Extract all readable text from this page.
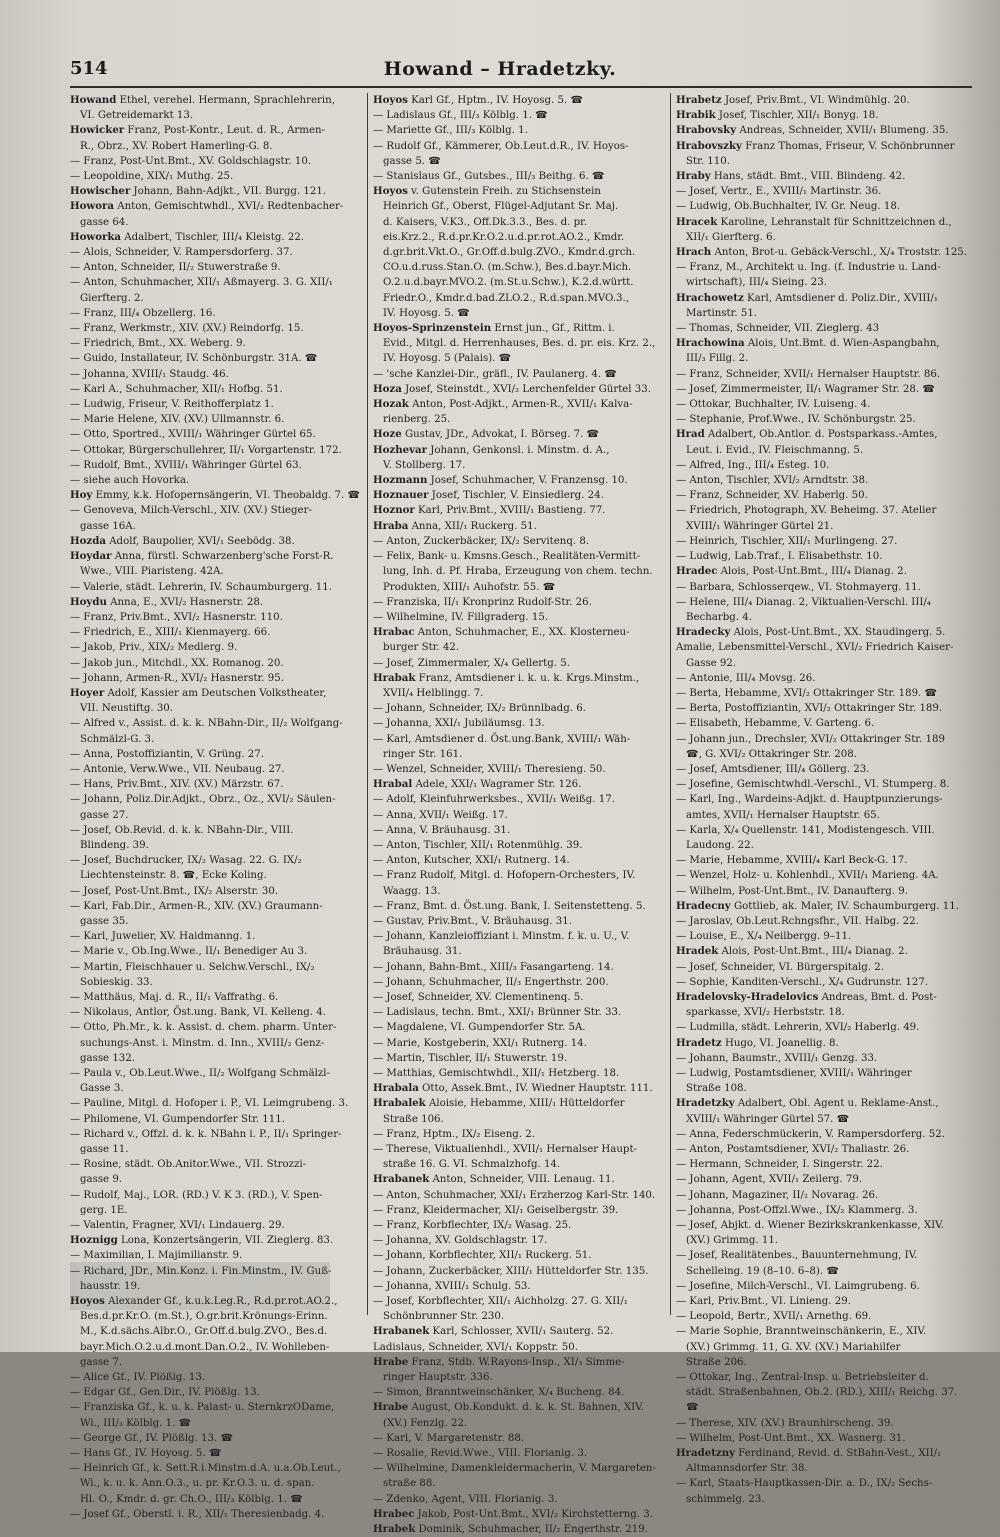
514	Howand – Hradetzky.
Howand Ethel, verehel. Hermann, Sprachlehrerin,
VI. Getreidemarkt 13.
Howicker Franz, Post-Kontr., Leut. d. R., Armen-
R., Obrz., XV. Robert Hamerling-G. 8.
— Franz, Post-Unt.Bmt., XV. Goldschlagstr. 10.
— Leopoldine, XIX/₁ Muthg. 25.
Howischer Johann, Bahn-Adjkt., VII. Burgg. 121.
Howora Anton, Gemischtwhdl., XVI/₂ Redtenbacher-
gasse 64.
Howorka Adalbert, Tischler, III/₄ Kleistg. 22.
— Alois, Schneider, V. Rampersdorferg. 37.
— Anton, Schneider, II/₂ Stuwerstraße 9.
— Anton, Schuhmacher, XII/₁ Aßmayerg. 3. G. XII/₁
Gierfterg. 2.
— Franz, III/₄ Obzellerg. 16.
— Franz, Werkmstr., XIV. (XV.) Reindorfg. 15.
— Friedrich, Bmt., XX. Weberg. 9.
— Guido, Installateur, IV. Schönburgstr. 31A. ☎
— Johanna, XVIII/₁ Staudg. 46.
— Karl A., Schuhmacher, XII/₁ Hofbg. 51.
— Ludwig, Friseur, V. Reithofferplatz 1.
— Marie Helene, XIV. (XV.) Ullmannstr. 6.
— Otto, Sportred., XVIII/₁ Währinger Gürtel 65.
— Ottokar, Bürgerschullehrer, II/₁ Vorgartenstr. 172.
— Rudolf, Bmt., XVIII/₁ Währinger Gürtel 63.
— siehe auch Hovorka.
Hoy Emmy, k.k. Hofopernsängerin, VI. Theobaldg. 7. ☎
— Genoveva, Milch-Verschl., XIV. (XV.) Stieger-
gasse 16A.
Hozda Adolf, Baupolier, XVI/₁ Seebödg. 38.
Hoydar Anna, fürstl. Schwarzenberg'sche Forst-R.
Wwe., VIII. Piaristeng. 42A.
— Valerie, städt. Lehrerin, IV. Schaumburgerg. 11.
Hoydu Anna, E., XVI/₂ Hasnerstr. 28.
— Franz, Priv.Bmt., XVI/₂ Hasnerstr. 110.
— Friedrich, E., XIII/₁ Kienmayerg. 66.
— Jakob, Priv., XIX/₂ Medlerg. 9.
— Jakob jun., Mitchdl., XX. Romanog. 20.
— Johann, Armen-R., XVI/₂ Hasnerstr. 95.
Hoyer Adolf, Kassier am Deutschen Volkstheater,
VII. Neustiftg. 30.
— Alfred v., Assist. d. k. k. NBahn-Dir., II/₂ Wolfgang-
Schmälzl-G. 3.
— Anna, Postoffiziantin, V. Grüng. 27.
— Antonie, Verw.Wwe., VII. Neubaug. 27.
— Hans, Priv.Bmt., XIV. (XV.) Märzstr. 67.
— Johann, Poliz.Dir.Adjkt., Obrz., Oz., XVI/₂ Säulen-
gasse 27.
— Josef, Ob.Revid. d. k. k. NBahn-Dir., VIII.
Blindeng. 39.
— Josef, Buchdrucker, IX/₂ Wasag. 22. G. IX/₂
Liechtensteinstr. 8. ☎, Ecke Koling.
— Josef, Post-Unt.Bmt., IX/₂ Alserstr. 30.
— Karl, Fab.Dir., Armen-R., XIV. (XV.) Graumann-
gasse 35.
— Karl, Juwelier, XV. Haidmanng. 1.
— Marie v., Ob.Ing.Wwe., II/₁ Benediger Au 3.
— Martin, Fleischhauer u. Selchw.Verschl., IX/₂
Sobieskig. 33.
— Matthäus, Maj. d. R., II/₁ Vaffrathg. 6.
— Nikolaus, Antlor, Öst.ung. Bank, VI. Kelleng. 4.
— Otto, Ph.Mr., k. k. Assist. d. chem. pharm. Unter-
suchungs-Anst. i. Minstm. d. Inn., XVIII/₂ Genz-
gasse 132.
— Paula v., Ob.Leut.Wwe., II/₂ Wolfgang Schmälzl-
Gasse 3.
— Pauline, Mitgl. d. Hofoper i. P., VI. Leimgrubeng. 3.
— Philomene, VI. Gumpendorfer Str. 111.
— Richard v., Offzl. d. k. k. NBahn i. P., II/₁ Springer-
gasse 11.
— Rosine, städt. Ob.Anitor.Wwe., VII. Strozzi-
gasse 9.
— Rudolf, Maj., LOR. (RD.) V. K 3. (RD.), V. Spen-
gerg. 1E.
— Valentin, Fragner, XVI/₁ Lindauerg. 29.
Hoznigg Lona, Konzertsängerin, VII. Zieglerg. 83.
— Maximilian, I. Majimilianstr. 9.
— Richard, JDr., Min.Konz. i. Fin.Minstm., IV. Guß-
hausstr. 19.
Hoyos Alexander Gf., k.u.k.Leg.R., R.d.pr.rot.AO.2.,
Bes.d.pr.Kr.O. (m.St.), O.gr.brit.Krönungs-Erinn.
M., K.d.sächs.Albr.O., Gr.Off.d.bulg.ZVO., Bes.d.
bayr.Mich.O.2.u.d.mont.Dan.O.2., IV. Wohlleben-
gasse 7.
— Alice Gf., IV. Plößlg. 13.
— Edgar Gf., Gen.Dir., IV. Plößlg. 13.
— Franziska Gf., k. u. k. Palast- u. SternkrzODame,
Wi., III/₃ Kölblg. 1. ☎
— George Gf., IV. Plößlg. 13. ☎
— Hans Gf., IV. Hoyosg. 5. ☎
— Heinrich Gf., k. Sett.R.i.Minstm.d.A. u.a.Ob.Leut.,
Wi., k. u. k. Ann.O.3., u. pr. Kr.O.3. u. d. span.
Hl. O., Kmdr. d. gr. Ch.O., III/₃ Kölblg. 1. ☎
— Josef Gf., Oberstl. i. R., XII/₁ Theresienbadg. 4.
Hoyos Karl Gf., Hptm., IV. Hoyosg. 5. ☎
— Ladislaus Gf., III/₃ Kölblg. 1. ☎
— Mariette Gf., III/₃ Kölblg. 1.
— Rudolf Gf., Kämmerer, Ob.Leut.d.R., IV. Hoyos-
gasse 5. ☎
— Stanislaus Gf., Gutsbes., III/₃ Beithg. 6. ☎
Hoyos v. Gutenstein Freih. zu Stichsenstein
Heinrich Gf., Oberst, Flügel-Adjutant Sr. Maj.
d. Kaisers, V.K3., Off.Dk.3.3., Bes. d. pr.
eis.Krz.2., R.d.pr.Kr.O.2.u.d.pr.rot.AO.2., Kmdr.
d.gr.brit.Vkt.O., Gr.Off.d.bulg.ZVO., Kmdr.d.grch.
CO.u.d.russ.Stan.O. (m.Schw.), Bes.d.bayr.Mich.
O.2.u.d.bayr.MVO.2. (m.St.u.Schw.), K.2.d.württ.
Friedr.O., Kmdr.d.bad.ZLO.2., R.d.span.MVO.3.,
IV. Hoyosg. 5. ☎
Hoyos-Sprinzenstein Ernst jun., Gf., Rittm. i.
Evid., Mitgl. d. Herrenhauses, Bes. d. pr. eis. Krz. 2.,
IV. Hoyosg. 5 (Palais). ☎
— 'sche Kanzlei-Dir., gräfl., IV. Paulanerg. 4. ☎
Hoza Josef, Steinstdt., XVI/₂ Lerchenfelder Gürtel 33.
Hozak Anton, Post-Adjkt., Armen-R., XVII/₁ Kalva-
rienberg. 25.
Hoze Gustav, JDr., Advokat, I. Börseg. 7. ☎
Hozhevar Johann, Genkonsl. i. Minstm. d. A.,
V. Stollberg. 17.
Hozmann Josef, Schuhmacher, V. Franzensg. 10.
Hoznauer Josef, Tischler, V. Einsiedlerg. 24.
Hoznor Karl, Priv.Bmt., XVIII/₁ Bastieng. 77.
Hraba Anna, XII/₁ Ruckerg. 51.
— Anton, Zuckerbäcker, IX/₂ Servitenq. 8.
— Felix, Bank- u. Kmsns.Gesch., Realitäten-Vermitt-
lung, Inh. d. Pf. Hraba, Erzeugung von chem. techn.
Produkten, XIII/₁ Auhofstr. 55. ☎
— Franziska, II/₁ Kronprinz Rudolf-Str. 26.
— Wilhelmine, IV. Fillgraderg. 15.
Hrabac Anton, Schuhmacher, E., XX. Klosterneu-
burger Str. 42.
— Josef, Zimmermaler, X/₄ Gellertg. 5.
Hrabak Franz, Amtsdiener i. k. u. k. Krgs.Minstm.,
XVII/₄ Helblingg. 7.
— Johann, Schneider, IX/₂ Brünnlbadg. 6.
— Johanna, XXI/₁ Jubiläumsg. 13.
— Karl, Amtsdiener d. Öst.ung.Bank, XVIII/₁ Wäh-
ringer Str. 161.
— Wenzel, Schneider, XVIII/₁ Theresieng. 50.
Hrabal Adele, XXI/₁ Wagramer Str. 126.
— Adolf, Kleinfuhrwerksbes., XVII/₁ Weißg. 17.
— Anna, XVII/₁ Weißg. 17.
— Anna, V. Bräuhausg. 31.
— Anton, Tischler, XII/₁ Rotenmühlg. 39.
— Anton, Kutscher, XXI/₁ Rutnerg. 14.
— Franz Rudolf, Mitgl. d. Hofopern-Orchesters, IV.
Waagg. 13.
— Franz, Bmt. d. Öst.ung. Bank, I. Seitenstetteng. 5.
— Gustav, Priv.Bmt., V. Bräuhausg. 31.
— Johann, Kanzleioffiziant i. Minstm. f. k. u. U., V.
Bräuhausg. 31.
— Johann, Bahn-Bmt., XIII/₃ Fasangarteng. 14.
— Johann, Schuhmacher, II/₃ Engerthstr. 200.
— Josef, Schneider, XV. Clementinenq. 5.
— Ladislaus, techn. Bmt., XXI/₁ Brünner Str. 33.
— Magdalene, VI. Gumpendorfer Str. 5A.
— Marie, Kostgeberin, XXI/₁ Rutnerg. 14.
— Martin, Tischler, II/₁ Stuwerstr. 19.
— Matthias, Gemischtwhdl., XII/₁ Hetzberg. 18.
Hrabala Otto, Assek.Bmt., IV. Wiedner Hauptstr. 111.
Hrabalek Aloisie, Hebamme, XIII/₁ Hütteldorfer
Straße 106.
— Franz, Hptm., IX/₂ Eiseng. 2.
— Therese, Viktualienhdl., XVII/₁ Hernalser Haupt-
straße 16. G. VI. Schmalzhofg. 14.
Hrabanek Anton, Schneider, VIII. Lenaug. 11.
— Anton, Schuhmacher, XXI/₁ Erzherzog Karl-Str. 140.
— Franz, Kleidermacher, XI/₁ Geiselbergstr. 39.
— Franz, Korbflechter, IX/₂ Wasag. 25.
— Johanna, XV. Goldschlagstr. 17.
— Johann, Korbflechter, XII/₁ Ruckerg. 51.
— Johann, Zuckerbäcker, XIII/₁ Hütteldorfer Str. 135.
— Johanna, XVIII/₁ Schulg. 53.
— Josef, Korbflechter, XII/₁ Aichholzg. 27. G. XII/₁
Schönbrunner Str. 230.
Hrabanek Karl, Schlosser, XVII/₁ Sauterg. 52.
Ladislaus, Schneider, XVI/₁ Koppstr. 50.
Hrabe Franz, Stdb. W.Rayons-Insp., XI/₃ Simme-
ringer Hauptstr. 336.
— Simon, Branntweinschänker, X/₄ Bucheng. 84.
Hrabe August, Ob.Kondukt. d. k. k. St. Bahnen, XIV.
(XV.) Fenzlg. 22.
— Karl, V. Margaretenstr. 88.
— Rosalie, Revid.Wwe., VIII. Florianig. 3.
— Wilhelmine, Damenkleidermacherin, V. Margareten-
straße 88.
— Zdenko, Agent, VIII. Florianig. 3.
Hrabec Jakob, Post-Unt.Bmt., XVI/₂ Kirchstetterng. 3.
Hrabek Dominik, Schuhmacher, II/₂ Engerthstr. 219.
Hrabetz Josef, Priv.Bmt., VI. Windmühlg. 20.
Hrabik Josef, Tischler, XII/₁ Bonyg. 18.
Hrabovsky Andreas, Schneider, XVII/₁ Blumeng. 35.
Hrabovszky Franz Thomas, Friseur, V. Schönbrunner
Str. 110.
Hraby Hans, städt. Bmt., VIII. Blindeng. 42.
— Josef, Vertr., E., XVIII/₁ Martinstr. 36.
— Ludwig, Ob.Buchhalter, IV. Gr. Neug. 18.
Hracek Karoline, Lehranstalt für Schnittzeichnen d.,
XII/₁ Gierfterg. 6.
Hrach Anton, Brot-u. Gebäck-Verschl., X/₄ Troststr. 125.
— Franz, M., Architekt u. Ing. (f. Industrie u. Land-
wirtschaft), III/₄ Sieing. 23.
Hrachowetz Karl, Amtsdiener d. Poliz.Dir., XVIII/₁
Martinstr. 51.
— Thomas, Schneider, VII. Zieglerg. 43
Hrachowina Alois, Unt.Bmt. d. Wien-Aspangbahn,
III/₃ Fillg. 2.
— Franz, Schneider, XVII/₁ Hernalser Hauptstr. 86.
— Josef, Zimmermeister, II/₁ Wagramer Str. 28. ☎
— Ottokar, Buchhalter, IV. Luiseng. 4.
— Stephanie, Prof.Wwe., IV. Schönburgstr. 25.
Hrad Adalbert, Ob.Antlor. d. Postsparkass.-Amtes,
Leut. i. Evid., IV. Fleischmanng. 5.
— Alfred, Ing., III/₄ Esteg. 10.
— Anton, Tischler, XVI/₂ Arndtstr. 38.
— Franz, Schneider, XV. Haberlg. 50.
— Friedrich, Photograph, XV. Beheimg. 37. Atelier
XVIII/₁ Währinger Gürtel 21.
— Heinrich, Tischler, XII/₁ Murlingeng. 27.
— Ludwig, Lab.Traf., I. Elisabethstr. 10.
Hradec Alois, Post-Unt.Bmt., III/₄ Dianag. 2.
— Barbara, Schlosserqew., VI. Stohmayerg. 11.
— Helene, III/₄ Dianag. 2, Viktualien-Verschl. III/₄
Becharbg. 4.
Hradecky Alois, Post-Unt.Bmt., XX. Staudingerg. 5.
Amalie, Lebensmittel-Verschl., XVI/₂ Friedrich Kaiser-
Gasse 92.
— Antonie, III/₄ Movsg. 26.
— Berta, Hebamme, XVI/₂ Ottakringer Str. 189. ☎
— Berta, Postoffiziantin, XVI/₂ Ottakringer Str. 189.
— Elisabeth, Hebamme, V. Garteng. 6.
— Johann jun., Drechsler, XVI/₂ Ottakringer Str. 189
☎, G. XVI/₂ Ottakringer Str. 208.
— Josef, Amtsdiener, III/₄ Göllerg. 23.
— Josefine, Gemischtwhdl.-Verschl., VI. Stumperg. 8.
— Karl, Ing., Wardeins-Adjkt. d. Hauptpunzierungs-
amtes, XVII/₁ Hernalser Hauptstr. 65.
— Karla, X/₄ Quellenstr. 141, Modistengesch. VIII.
Laudong. 22.
— Marie, Hebamme, XVIII/₄ Karl Beck-G. 17.
— Wenzel, Holz- u. Kohlenhdl., XVII/₁ Marieng. 4A.
— Wilhelm, Post-Unt.Bmt., IV. Danaufterg. 9.
Hradecny Gottlieb, ak. Maler, IV. Schaumburgerg. 11.
— Jaroslav, Ob.Leut.Rchngsfhr., VII. Halbg. 22.
— Louise, E., X/₄ Neilbergg. 9–11.
Hradek Alois, Post-Unt.Bmt., III/₄ Dianag. 2.
— Josef, Schneider, VI. Bürgerspitalg. 2.
— Sophie, Kanditen-Verschl., X/₄ Gudrunstr. 127.
Hradelovsky-Hradelovics Andreas, Bmt. d. Post-
sparkasse, XVI/₂ Herbststr. 18.
— Ludmilla, städt. Lehrerin, XVI/₂ Haberlg. 49.
Hradetz Hugo, VI. Joanellig. 8.
— Johann, Baumstr., XVIII/₁ Genzg. 33.
— Ludwig, Postamtsdiener, XVIII/₁ Währinger
Straße 108.
Hradetzky Adalbert, Obl. Agent u. Reklame-Anst.,
XVIII/₁ Währinger Gürtel 57. ☎
— Anna, Federschmückerin, V. Rampersdorferg. 52.
— Anton, Postamtsdiener, XVI/₂ Thaliastr. 26.
— Hermann, Schneider, I. Singerstr. 22.
— Johann, Agent, XVII/₁ Zeilerg. 79.
— Johann, Magaziner, II/₂ Novarag. 26.
— Johanna, Post-Offzl.Wwe., IX/₂ Klammerg. 3.
— Josef, Abjkt. d. Wiener Bezirkskrankenkasse, XIV.
(XV.) Grimmg. 11.
— Josef, Realitätenbes., Bauunternehmung, IV.
Schelleing. 19 (8–10. 6–8). ☎
— Josefine, Milch-Verschl., VI. Laimgrubeng. 6.
— Karl, Priv.Bmt., VI. Linieng. 29.
— Leopold, Bertr., XVII/₁ Arnethg. 69.
— Marie Sophie, Branntweinschänkerin, E., XIV.
(XV.) Grimmg. 11, G. XV. (XV.) Mariahilfer
Straße 206.
— Ottokar, Ing., Zentral-Insp. u. Betriebsleiter d.
städt. Straßenbahnen, Ob.2. (RD.), XIII/₁ Reichg. 37.
☎
— Therese, XIV. (XV.) Braunhirscheng. 39.
— Wilhelm, Post-Unt.Bmt., XX. Wasnerg. 31.
Hradetzny Ferdinand, Revid. d. StBahn-Vest., XII/₁
Altmannsdorfer Str. 38.
— Karl, Staats-Hauptkassen-Dir. a. D., IX/₂ Sechs-
schimmelg. 23.
